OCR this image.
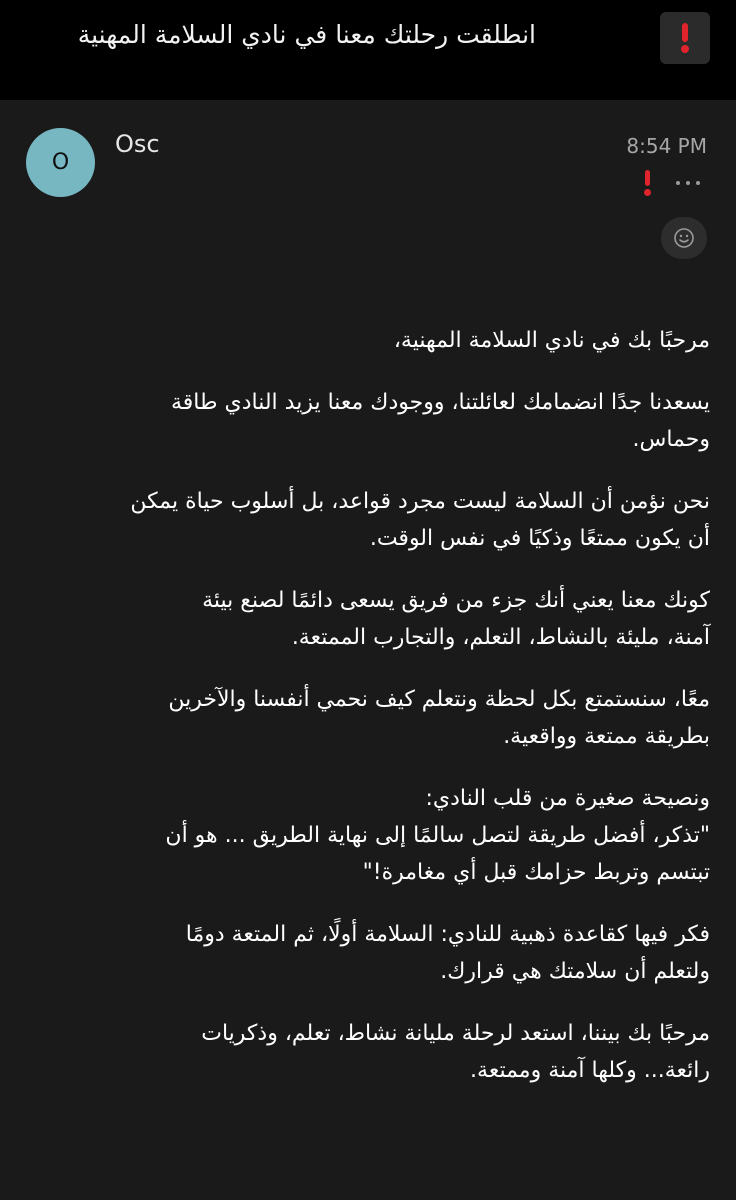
انطلقت رحلتك معنا في نادي السلامة المهنية
O
Osc	8:54 PM

مرحبًا بك في نادي السلامة المهنية،

يسعدنا جدًا انضمامك لعائلتنا، ووجودك معنا يزيد النادي طاقة
وحماس.

نحن نؤمن أن السلامة ليست مجرد قواعد، بل أسلوب حياة يمكن
أن يكون ممتعًا وذكيًا في نفس الوقت.

كونك معنا يعني أنك جزء من فريق يسعى دائمًا لصنع بيئة
آمنة، مليئة بالنشاط، التعلم، والتجارب الممتعة.

معًا، سنستمتع بكل لحظة ونتعلم كيف نحمي أنفسنا والآخرين
بطريقة ممتعة وواقعية.

ونصيحة صغيرة من قلب النادي:
"تذكر، أفضل طريقة لتصل سالمًا إلى نهاية الطريق ... هو أن
تبتسم وتربط حزامك قبل أي مغامرة!"

فكر فيها كقاعدة ذهبية للنادي: السلامة أولًا، ثم المتعة دومًا
ولتعلم أن سلامتك هي قرارك.

مرحبًا بك بيننا، استعد لرحلة مليانة نشاط، تعلم، وذكريات
رائعة... وكلها آمنة وممتعة.
